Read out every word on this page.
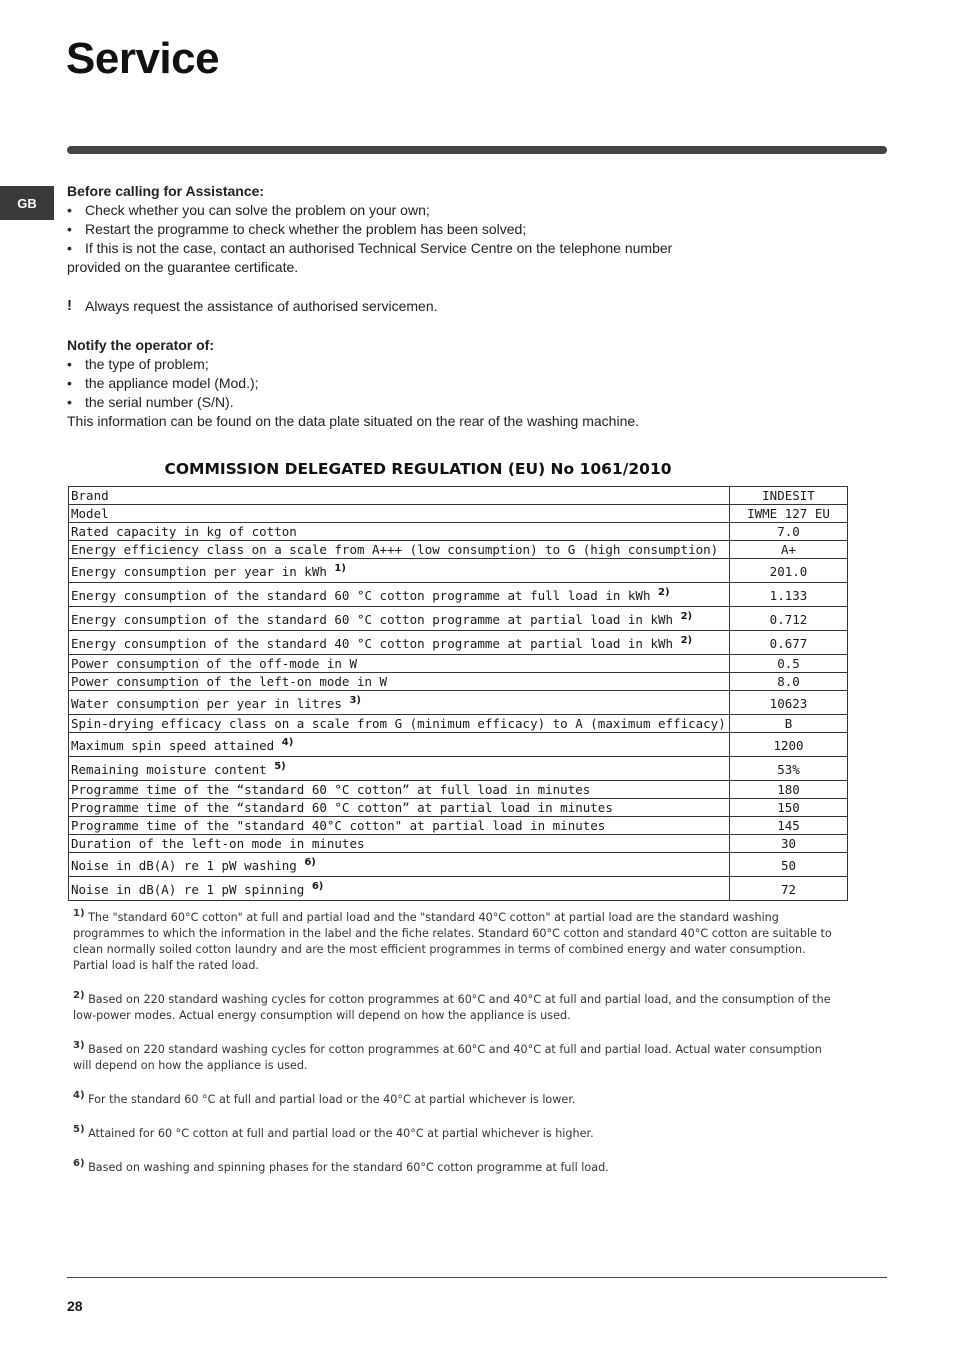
Service
GB

Before calling for Assistance:

• Check whether you can solve the problem on your own;

• Restart the programme to check whether the problem has been solved;

• If this is not the case, contact an authorised Technical Service Centre on the telephone number

provided on the guarantee certificate.

! Always request the assistance of authorised servicemen.

Notify the operator of:

• the type of problem;

• the appliance model (Mod.);

• the serial number (S/N).

This information can be found on the data plate situated on the rear of the washing machine.

COMMISSION DELEGATED REGULATION (EU) No 1061/2010
Brand	INDESIT
Model	IWME 127 EU
Rated capacity in kg of cotton	7.0
Energy efficiency class on a scale from A+++ (low consumption) to G (high consumption)	A+
Energy consumption per year in kWh $^{1)}$	201.0
Energy consumption of the standard 60 °C cotton programme at full load in kWh $^{2)}$	1.133
Energy consumption of the standard 60 °C cotton programme at partial load in kWh $^{2)}$	0.712
Energy consumption of the standard 40 °C cotton programme at partial load in kWh $^{2)}$	0.677
Power consumption of the off-mode in W	0.5
Power consumption of the left-on mode in W	8.0
Water consumption per year in litres $^{3)}$	10623
Spin-drying efficacy class on a scale from G (minimum efficacy) to A (maximum efficacy)	B
Maximum spin speed attained $^{4)}$	1200
Remaining moisture content $^{5)}$	53%
Programme time of the “standard 60 °C cotton” at full load in minutes	180
Programme time of the “standard 60 °C cotton” at partial load in minutes	150
Programme time of the "standard 40°C cotton" at partial load in minutes	145
Duration of the left-on mode in minutes	30
Noise in dB(A) re 1 pW washing $^{6)}$	50
Noise in dB(A) re 1 pW spinning $^{6)}$	72

1) The "standard 60°C cotton" at full and partial load and the "standard 40°C cotton" at partial load are the standard washing programmes to which the information in the label and the fiche relates. Standard 60°C cotton and standard 40°C cotton are suitable to clean normally soiled cotton laundry and are the most efficient programmes in terms of combined energy and water consumption. Partial load is half the rated load.

2) Based on 220 standard washing cycles for cotton programmes at 60°C and 40°C at full and partial load, and the consumption of the low-power modes. Actual energy consumption will depend on how the appliance is used.

3) Based on 220 standard washing cycles for cotton programmes at 60°C and 40°C at full and partial load. Actual water consumption will depend on how the appliance is used.

4) For the standard 60 °C at full and partial load or the 40°C at partial whichever is lower.

5) Attained for 60 °C cotton at full and partial load or the 40°C at partial whichever is higher.

6) Based on washing and spinning phases for the standard 60°C cotton programme at full load.

28
